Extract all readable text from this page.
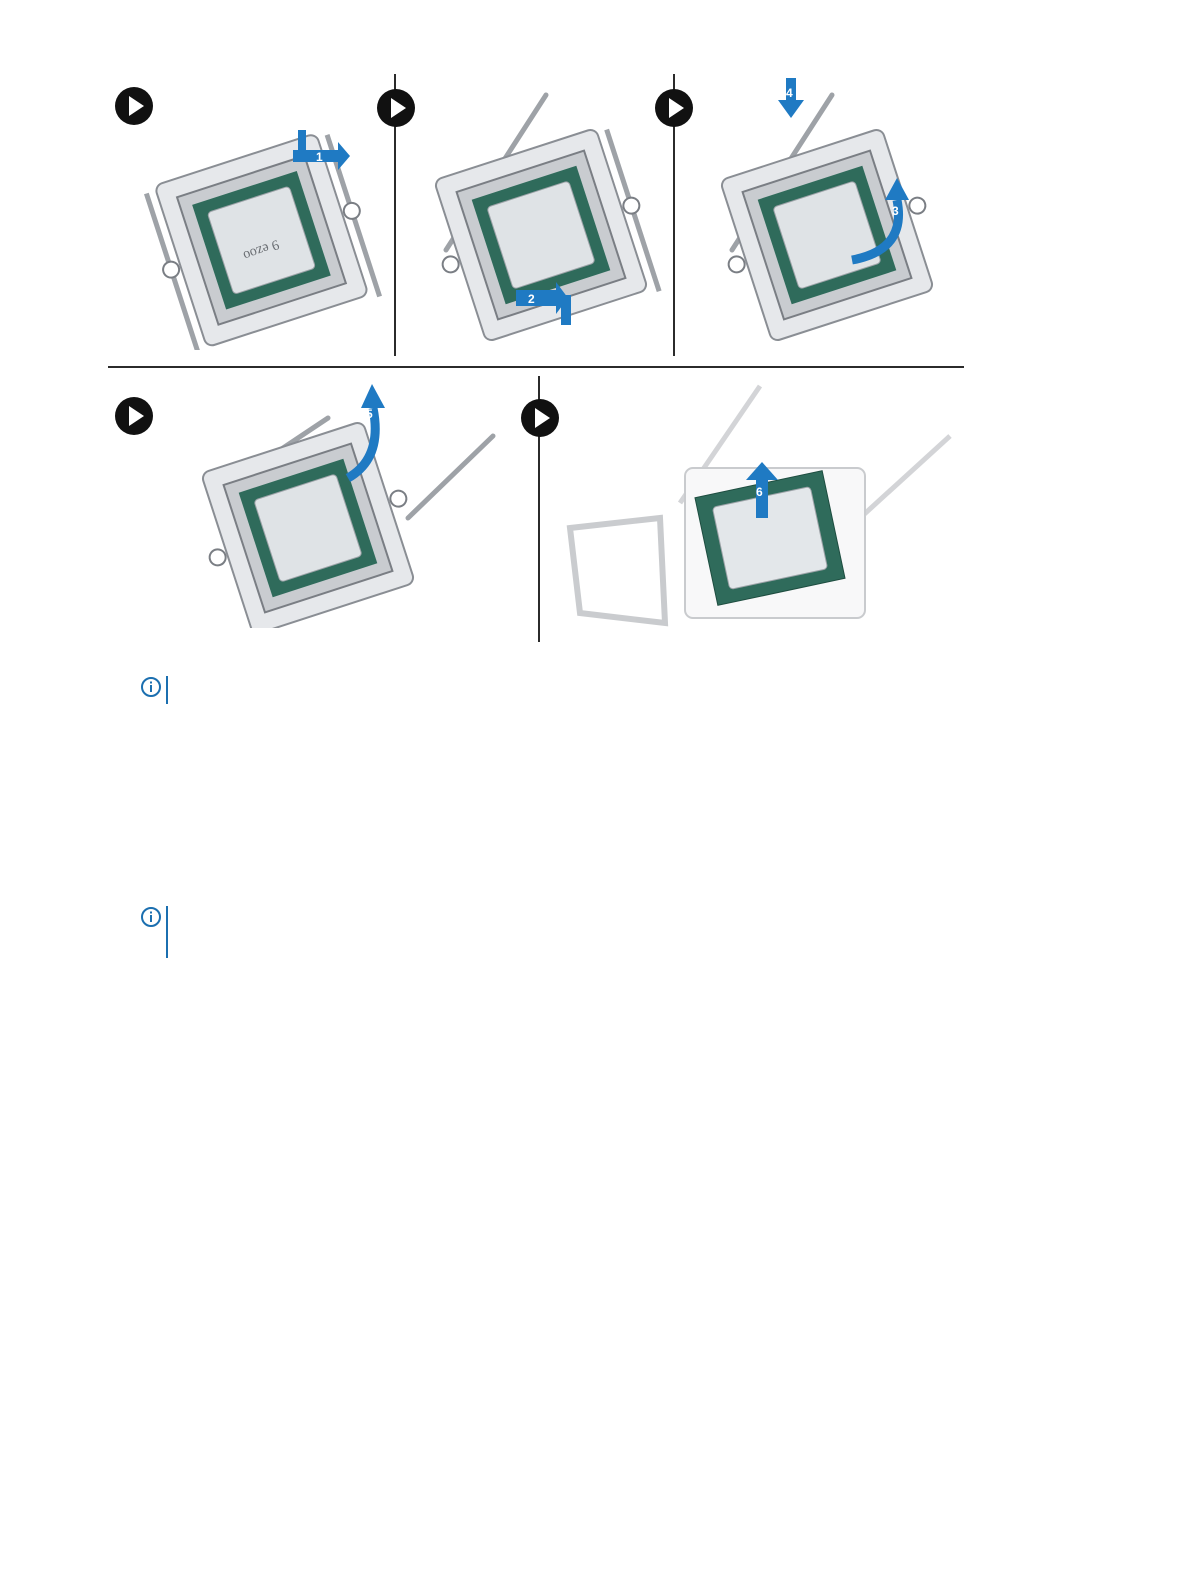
9 ezoo
1
2
4
3
5
6
